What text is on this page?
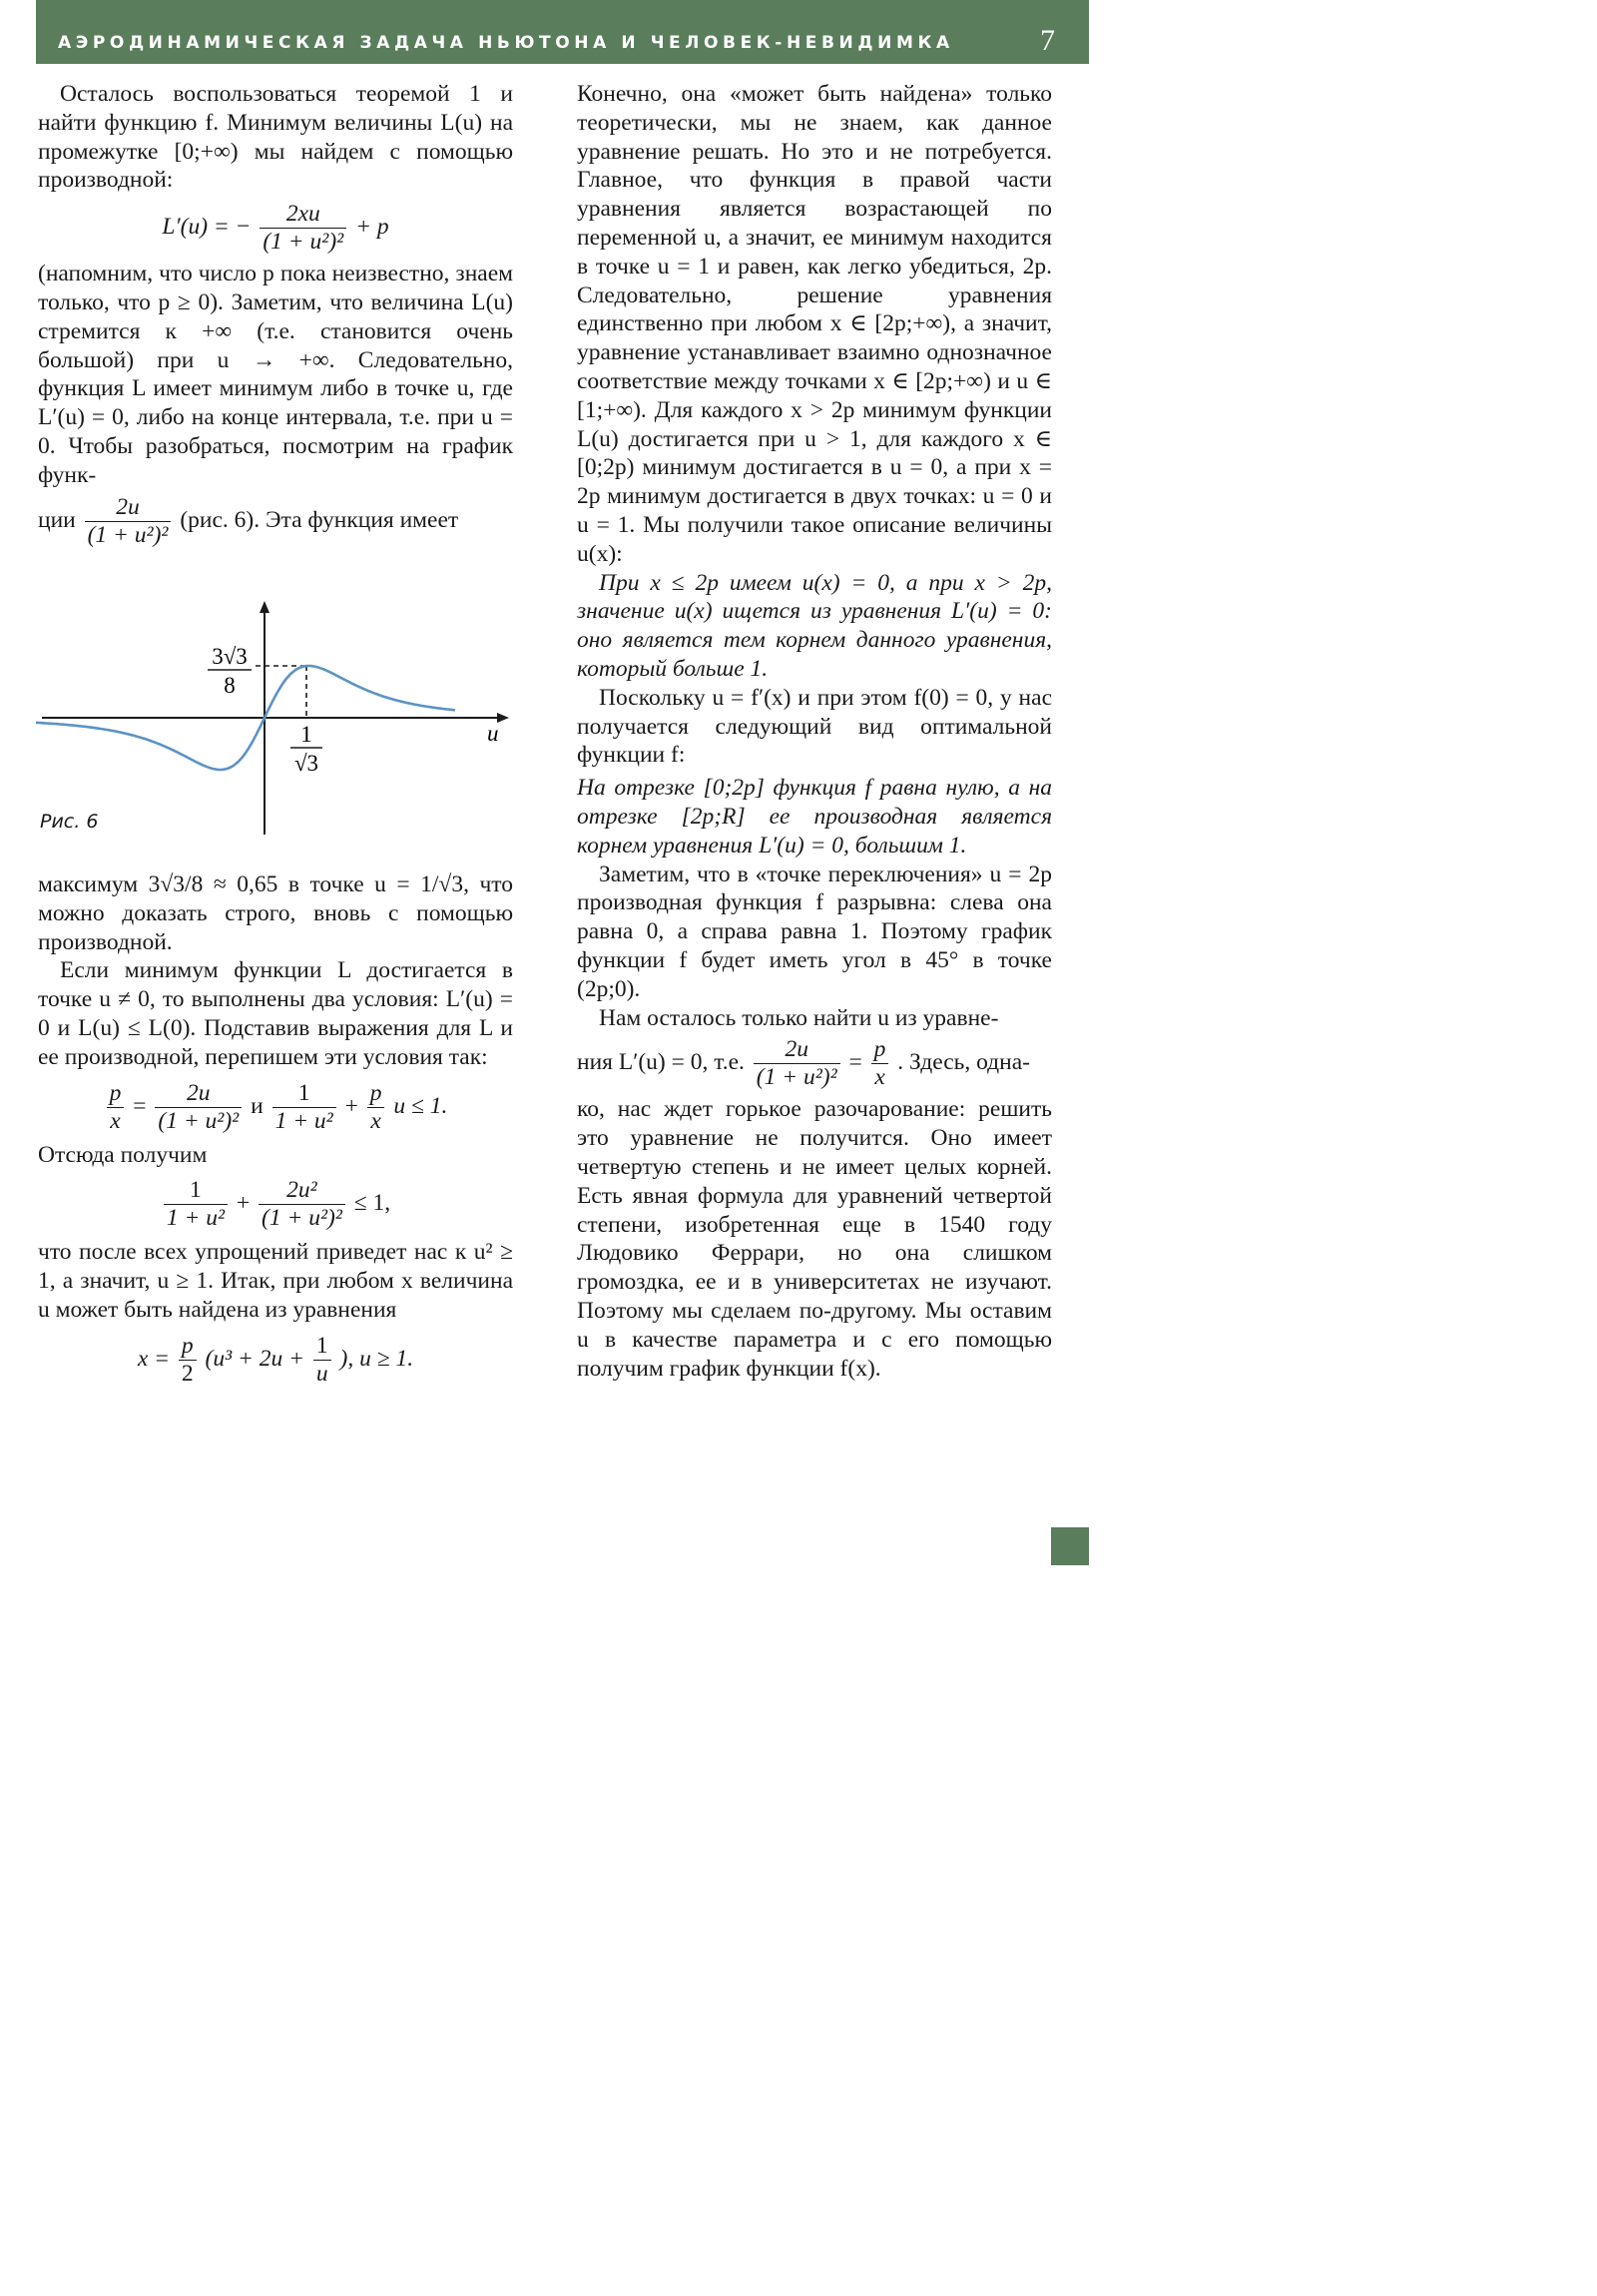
АЭРОДИНАМИЧЕСКАЯ ЗАДАЧА НЬЮТОНА И ЧЕЛОВЕК-НЕВИДИМКА	7

Осталось воспользоваться теоремой 1 и найти функцию f. Минимум величины L(u) на промежутке [0;+∞) мы найдем с помощью производной:

L′(u) = − $\frac{2xu}{\text{(1 + u²)²}} + p$

(напомним, что число p пока неизвестно, знаем только, что p ≥ 0). Заметим, что величина L(u) стремится к +∞ (т.е. становится очень большой) при u → +∞. Следовательно, функция L имеет минимум либо в точке u, где L′(u) = 0, либо на конце интервала, т.е. при u = 0. Чтобы разобраться, посмотрим на график функ-

ции $\frac{2u}{\text{(1 + u²)²}} (рис$. 6). Эта функция имеет

3√3
8
1
√3
u
Рис. 6

максимум 3√3/8 ≈ 0,65 в точке u = 1/√3, что можно доказать строго, вновь с помощью производной.

Если минимум функции L достигается в точке u ≠ 0, то выполнены два условия: L′(u) = 0 и L(u) ≤ L(0). Подставив выражения для L и ее производной, перепишем эти условия так:

$\frac{p}{x} = \frac{2u}{\text{(1 + u²)²}}$ и $\frac{1}{\text{1 + u²}} + \frac{p}{x}$ u ≤ 1.

Отсюда получим

$\frac{1}{\text{1 + u²}} + \frac{\text{2u²}}{\text{(1 + u²)²}} \le 1$,

что после всех упрощений приведет нас к u² ≥ 1, а значит, u ≥ 1. Итак, при любом x величина u может быть найдена из уравнения

$x = \frac{p}{2} (u^3 + 2u + \frac{1}{u}$ ), u ≥ 1.

Конечно, она «может быть найдена» только теоретически, мы не знаем, как данное уравнение решать. Но это и не потребуется. Главное, что функция в правой части уравнения является возрастающей по переменной u, а значит, ее минимум находится в точке u = 1 и равен, как легко убедиться, 2p. Следовательно, решение уравнения единственно при любом x ∈ [2p;+∞), а значит, уравнение устанавливает взаимно однозначное соответствие между точками x ∈ [2p;+∞) и u ∈ [1;+∞). Для каждого x > 2p минимум функции L(u) достигается при u > 1, для каждого x ∈ [0;2p) минимум достигается в u = 0, а при x = 2p минимум достигается в двух точках: u = 0 и u = 1. Мы получили такое описание величины u(x):

При x ≤ 2p имеем u(x) = 0, а при x > 2p, значение u(x) ищется из уравнения L′(u) = 0: оно является тем корнем данного уравнения, который больше 1.

Поскольку u = f′(x) и при этом f(0) = 0, у нас получается следующий вид оптимальной функции f:

На отрезке [0;2p] функция f равна нулю, а на отрезке [2p;R] ее производная является корнем уравнения L′(u) = 0, большим 1.

Заметим, что в «точке переключения» u = 2p производная функция f разрывна: слева она равна 0, а справа равна 1. Поэтому график функции f будет иметь угол в 45° в точке (2p;0).

Нам осталось только найти u из уравне-

ния L′(u) = 0, т.е. $\frac{2u}{\text{(1 + u²)²}} = \frac{p}{x}$ . Здесь, одна-

ко, нас ждет горькое разочарование: решить это уравнение не получится. Оно имеет четвертую степень и не имеет целых корней. Есть явная формула для уравнений четвертой степени, изобретенная еще в 1540 году Людовико Феррари, но она слишком громоздка, ее и в университетах не изучают. Поэтому мы сделаем по-другому. Мы оставим u в качестве параметра и с его помощью получим график функции f(x).
